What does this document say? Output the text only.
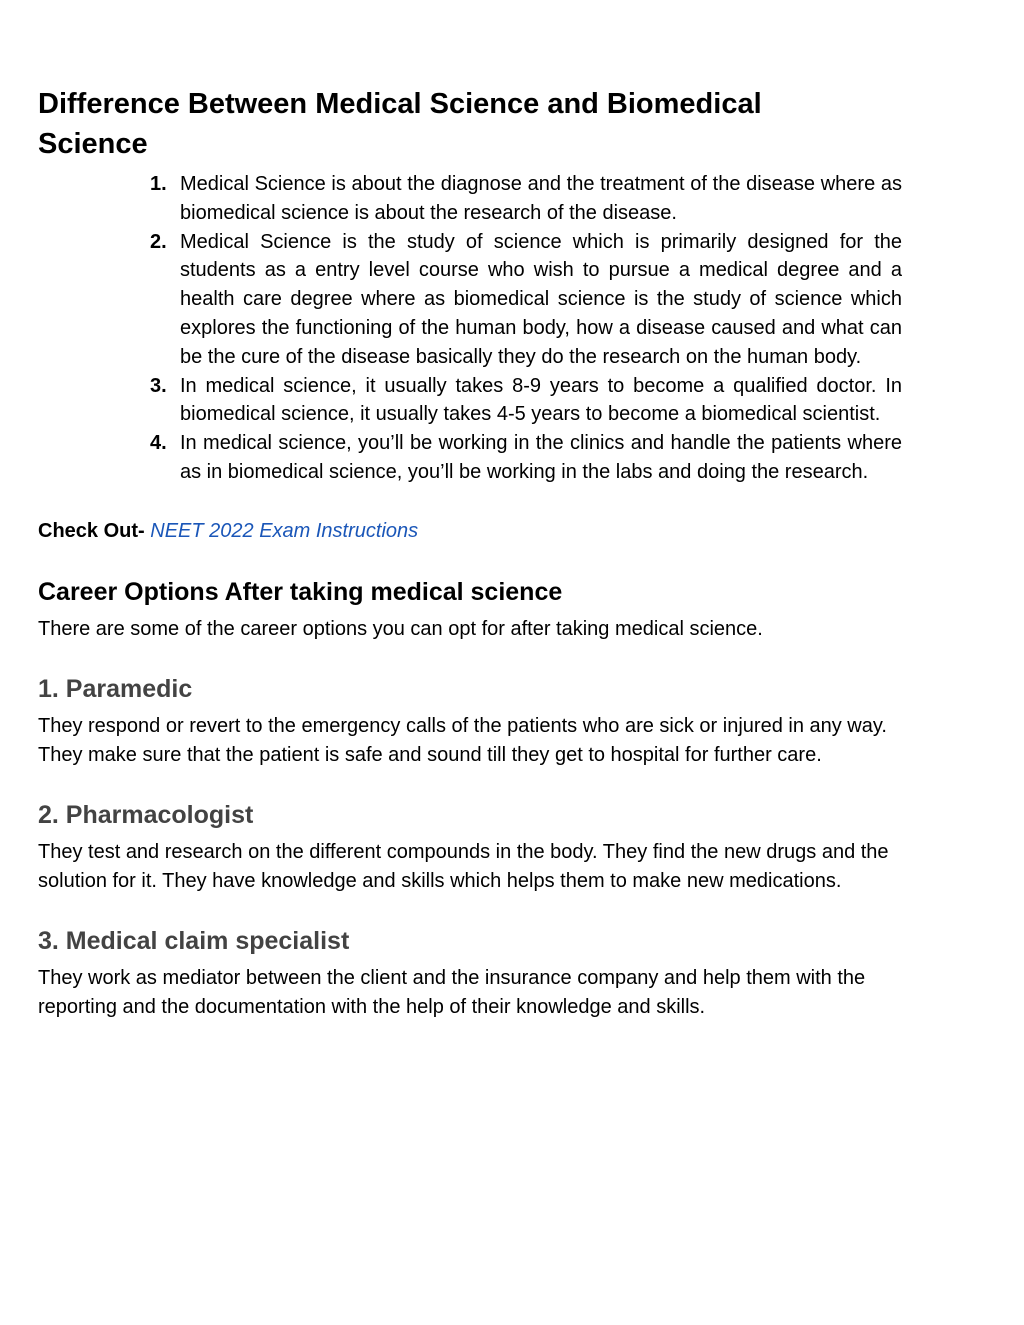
Difference Between Medical Science and Biomedical Science
1. Medical Science is about the diagnose and the treatment of the disease where as biomedical science is about the research of the disease.
2. Medical Science is the study of science which is primarily designed for the students as a entry level course who wish to pursue a medical degree and a health care degree where as biomedical science is the study of science which explores the functioning of the human body, how a disease caused and what can be the cure of the disease basically they do the research on the human body.
3. In medical science, it usually takes 8-9 years to become a qualified doctor. In biomedical science, it usually takes 4-5 years to become a biomedical scientist.
4. In medical science, you’ll be working in the clinics and handle the patients where as in biomedical science, you’ll be working in the labs and doing the research.
Check Out- NEET 2022 Exam Instructions
Career Options After taking medical science

There are some of the career options you can opt for after taking medical science.

1. Paramedic

They respond or revert to the emergency calls of the patients who are sick or injured in any way. They make sure that the patient is safe and sound till they get to hospital for further care.

2. Pharmacologist

They test and research on the different compounds in the body. They find the new drugs and the solution for it. They have knowledge and skills which helps them to make new medications.

3. Medical claim specialist

They work as mediator between the client and the insurance company and help them with the reporting and the documentation with the help of their knowledge and skills.
